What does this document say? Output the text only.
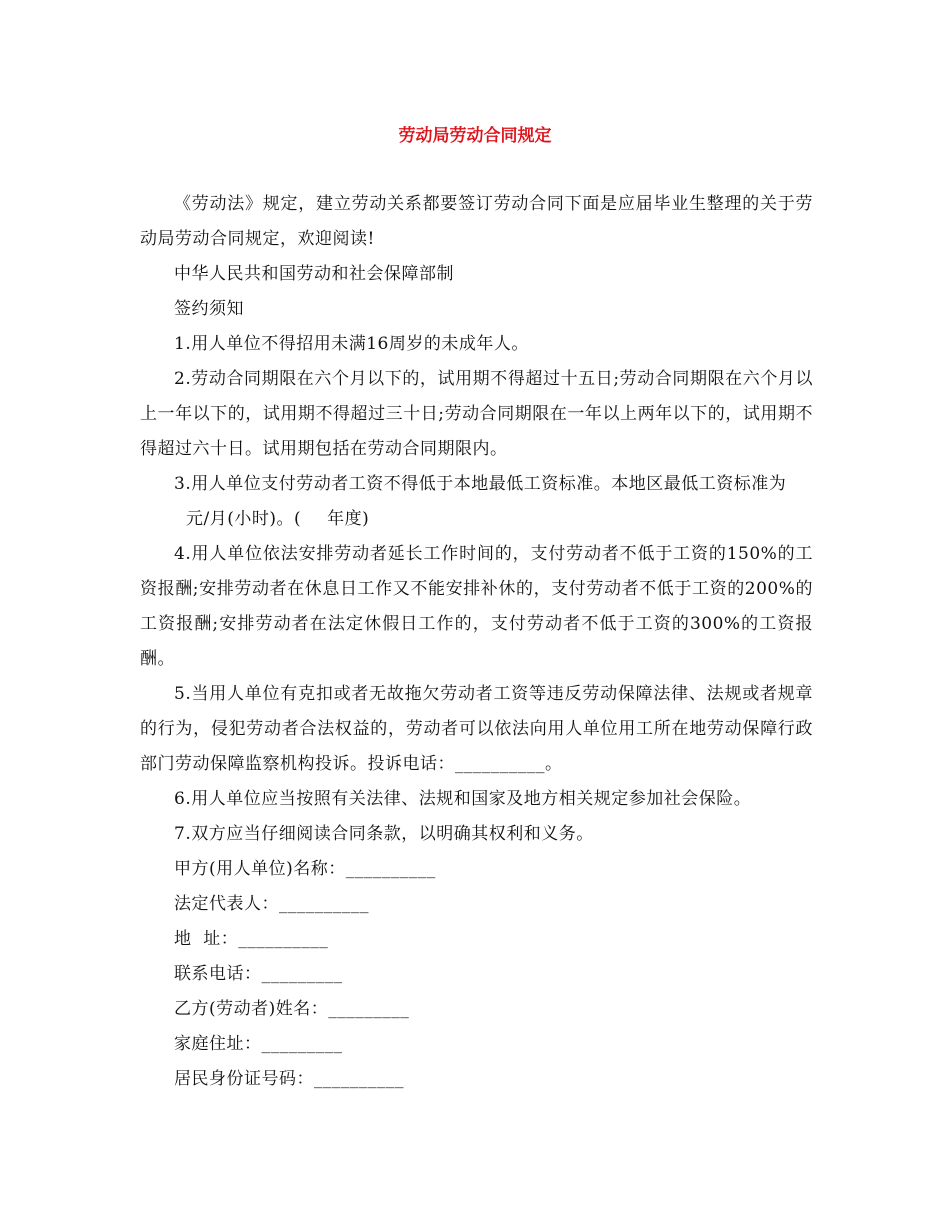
劳动局劳动合同规定

《劳动法》规定，建立劳动关系都要签订劳动合同下面是应届毕业生整理的关于劳动局劳动合同规定，欢迎阅读!

中华人民共和国劳动和社会保障部制

签约须知

1.用人单位不得招用未满16周岁的未成年人。

2.劳动合同期限在六个月以下的，试用期不得超过十五日;劳动合同期限在六个月以上一年以下的，试用期不得超过三十日;劳动合同期限在一年以上两年以下的，试用期不得超过六十日。试用期包括在劳动合同期限内。

3.用人单位支付劳动者工资不得低于本地最低工资标准。本地区最低工资标准为元/月(小时)。( 年度)

4.用人单位依法安排劳动者延长工作时间的，支付劳动者不低于工资的150%的工资报酬;安排劳动者在休息日工作又不能安排补休的，支付劳动者不低于工资的200%的工资报酬;安排劳动者在法定休假日工作的，支付劳动者不低于工资的300%的工资报酬。

5.当用人单位有克扣或者无故拖欠劳动者工资等违反劳动保障法律、法规或者规章的行为，侵犯劳动者合法权益的，劳动者可以依法向用人单位用工所在地劳动保障行政部门劳动保障监察机构投诉。投诉电话：__________。

6.用人单位应当按照有关法律、法规和国家及地方相关规定参加社会保险。

7.双方应当仔细阅读合同条款，以明确其权利和义务。

甲方(用人单位)名称：__________

法定代表人：__________

地  址：__________

联系电话：_________

乙方(劳动者)姓名：_________

家庭住址：_________

居民身份证号码：__________
